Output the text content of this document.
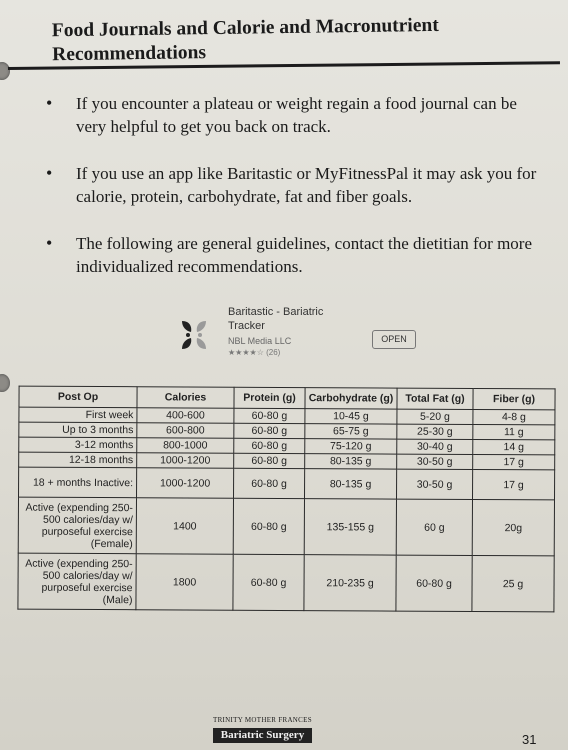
Food Journals and Calorie and Macronutrient Recommendations
• If you encounter a plateau or weight regain a food journal can be very helpful to get you back on track.
• If you use an app like Baritastic or MyFitnessPal it may ask you for calorie, protein, carbohydrate, fat and fiber goals.
• The following are general guidelines, contact the dietitian for more individualized recommendations.
Baritastic - Bariatric Tracker
NBL Media LLC
★★★★☆ (26)
OPEN
Post Op	Calories	Protein (g)	Carbohydrate (g)	Total Fat (g)	Fiber (g)
First week	400-600	60-80 g	10-45 g	5-20 g	4-8 g
Up to 3 months	600-800	60-80 g	65-75 g	25-30 g	11 g
3-12 months	800-1000	60-80 g	75-120 g	30-40 g	14 g
12-18 months	1000-1200	60-80 g	80-135 g	30-50 g	17 g
18 + months Inactive:	1000-1200	60-80 g	80-135 g	30-50 g	17 g
Active (expending 250-500 calories/day w/ purposeful exercise (Female)	1400	60-80 g	135-155 g	60 g	20g
Active (expending 250-500 calories/day w/ purposeful exercise (Male)	1800	60-80 g	210-235 g	60-80 g	25 g
TRINITY MOTHER FRANCES
Bariatric Surgery	31
